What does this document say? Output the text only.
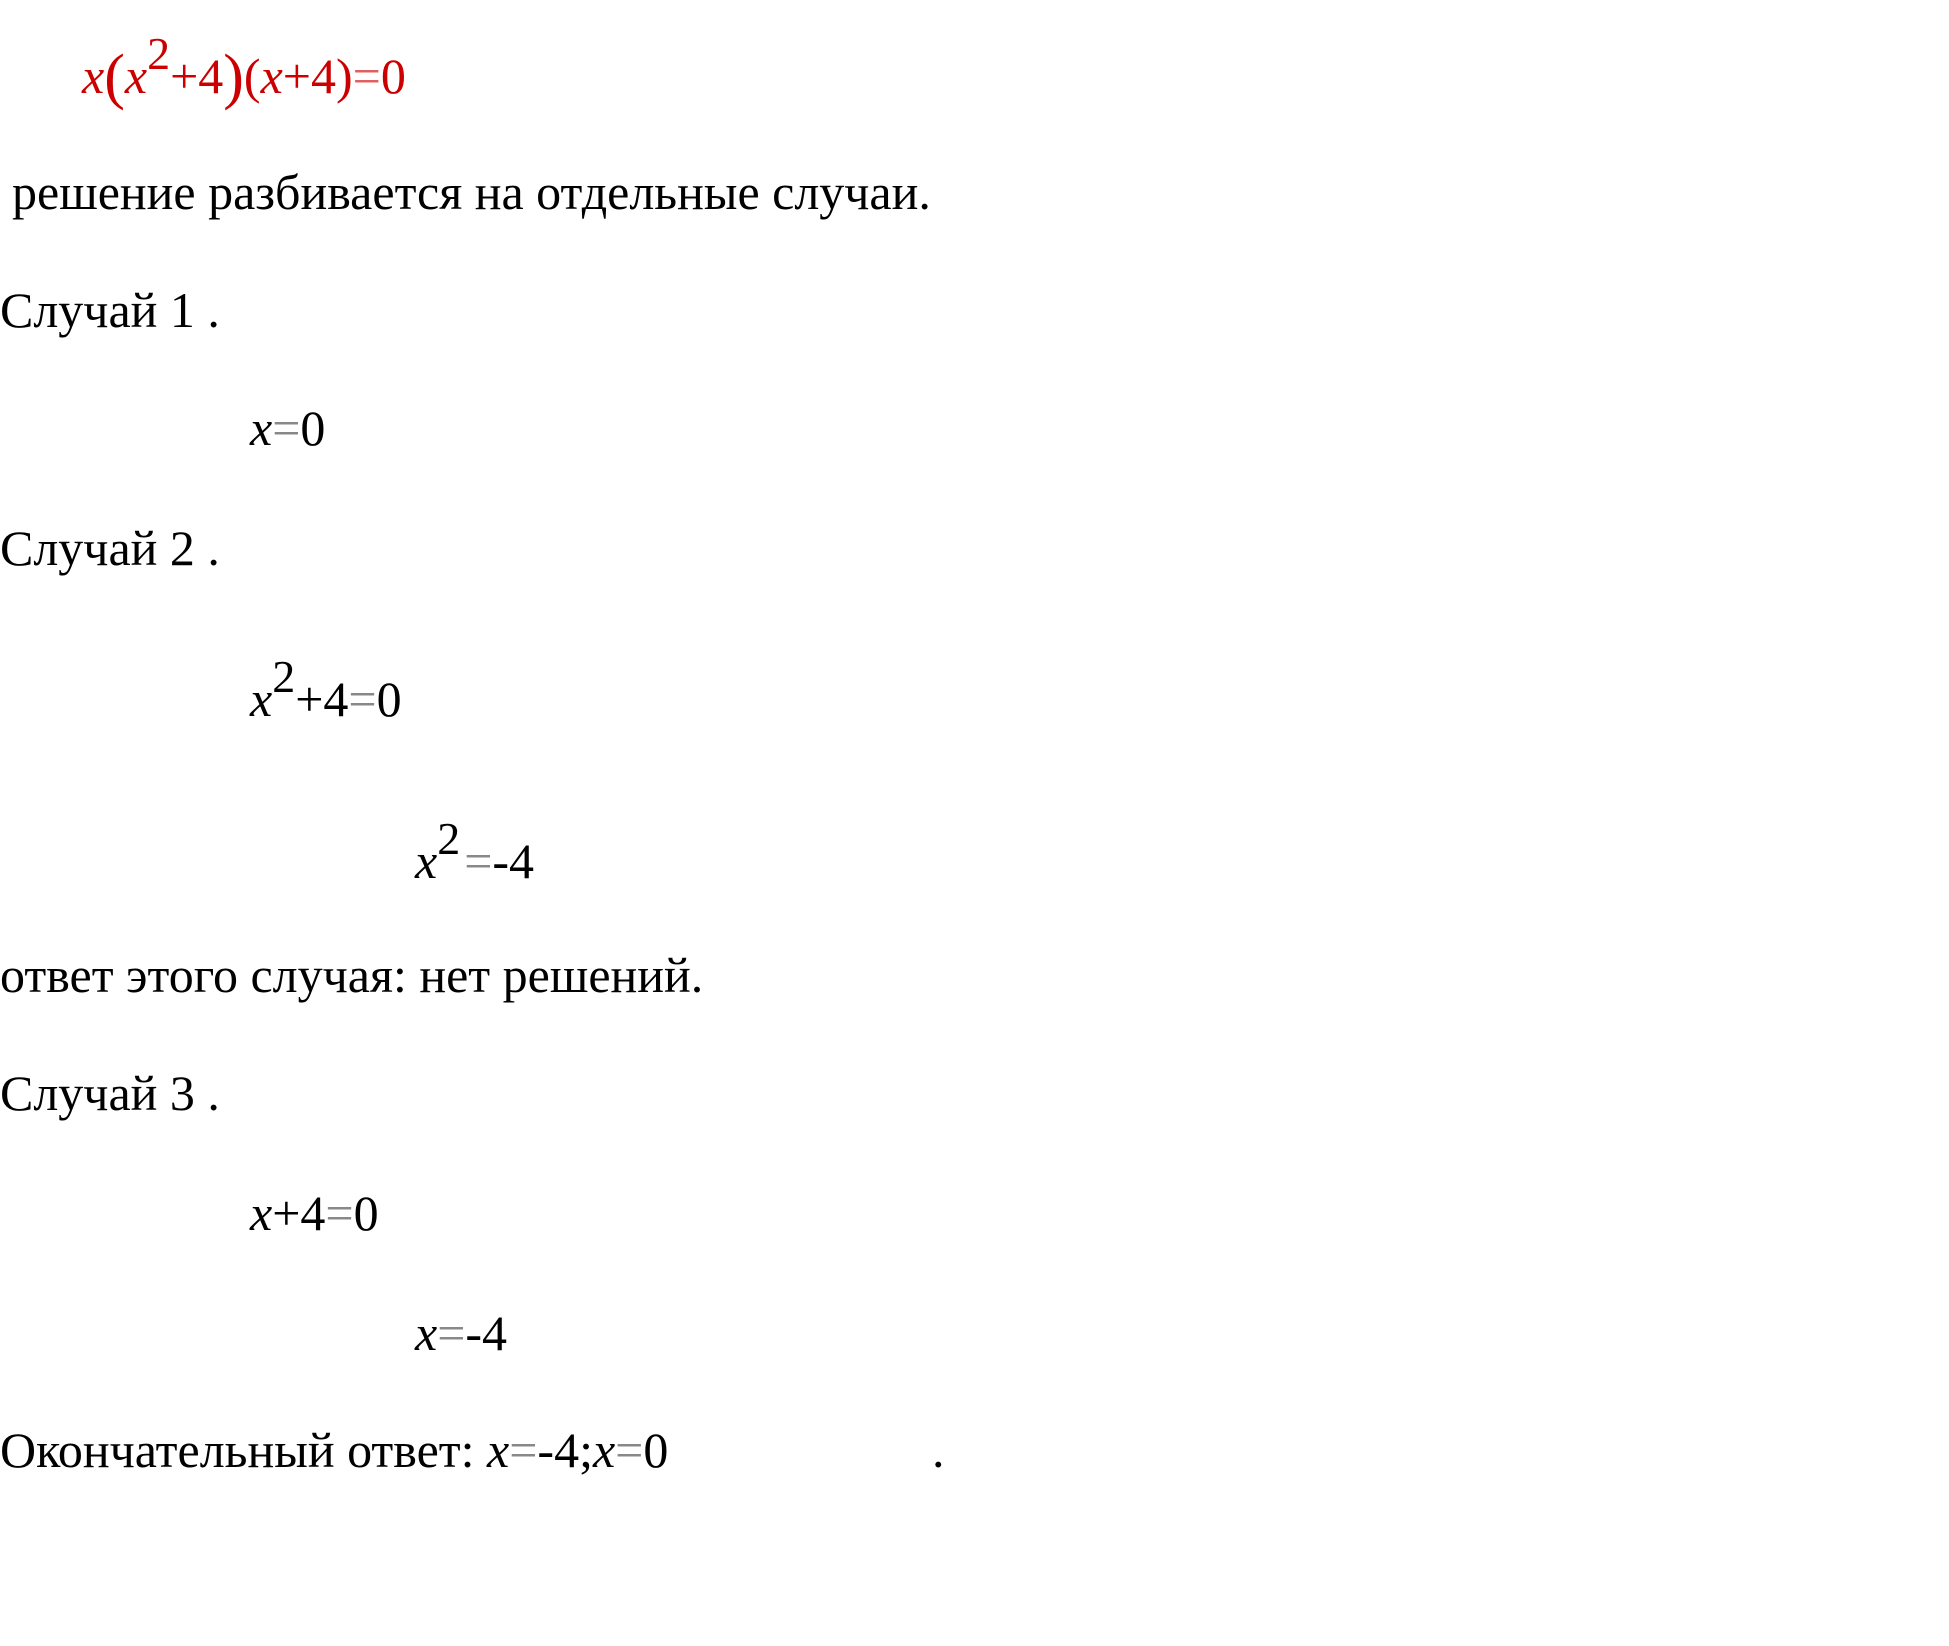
x(x2+4)(x+4)=0
решение разбивается на отдельные случаи.
Случай 1 .
x=0
Случай 2 .
x2+4=0
x2=-4
ответ этого случая: нет решений.
Случай 3 .
x+4=0
x=-4
Окончательный ответ: x=-4;x=0	.
